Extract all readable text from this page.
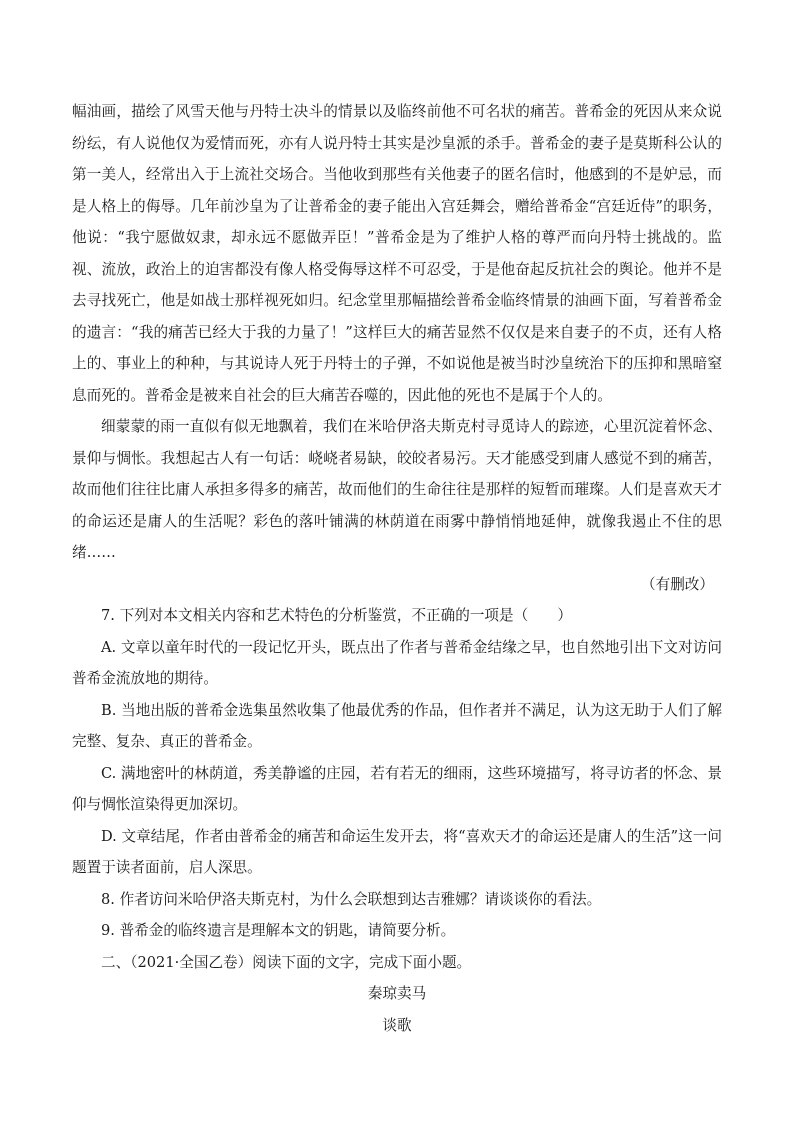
幅油画，描绘了风雪天他与丹特士决斗的情景以及临终前他不可名状的痛苦。普希金的死因从来众说纷纭，有人说他仅为爱情而死，亦有人说丹特士其实是沙皇派的杀手。普希金的妻子是莫斯科公认的第一美人，经常出入于上流社交场合。当他收到那些有关他妻子的匿名信时，他感到的不是妒忌，而是人格上的侮辱。几年前沙皇为了让普希金的妻子能出入宫廷舞会，赠给普希金“宫廷近侍”的职务，他说：“我宁愿做奴隶，却永远不愿做弄臣！”普希金是为了维护人格的尊严而向丹特士挑战的。监视、流放，政治上的迫害都没有像人格受侮辱这样不可忍受，于是他奋起反抗社会的舆论。他并不是去寻找死亡，他是如战士那样视死如归。纪念堂里那幅描绘普希金临终情景的油画下面，写着普希金的遗言：“我的痛苦已经大于我的力量了！”这样巨大的痛苦显然不仅仅是来自妻子的不贞，还有人格上的、事业上的种种，与其说诗人死于丹特士的子弹，不如说他是被当时沙皇统治下的压抑和黑暗窒息而死的。普希金是被来自社会的巨大痛苦吞噬的，因此他的死也不是属于个人的。

细蒙蒙的雨一直似有似无地飘着，我们在米哈伊洛夫斯克村寻觅诗人的踪迹，心里沉淀着怀念、景仰与惆怅。我想起古人有一句话：峣峣者易缺，皎皎者易污。天才能感受到庸人感觉不到的痛苦，故而他们往往比庸人承担多得多的痛苦，故而他们的生命往往是那样的短暂而璀璨。人们是喜欢天才的命运还是庸人的生活呢？彩色的落叶铺满的林荫道在雨雾中静悄悄地延伸，就像我遏止不住的思绪……

（有删改）

7. 下列对本文相关内容和艺术特色的分析鉴赏，不正确的一项是（　　）

A. 文章以童年时代的一段记忆开头，既点出了作者与普希金结缘之早，也自然地引出下文对访问普希金流放地的期待。

B. 当地出版的普希金选集虽然收集了他最优秀的作品，但作者并不满足，认为这无助于人们了解完整、复杂、真正的普希金。

C. 满地密叶的林荫道，秀美静谧的庄园，若有若无的细雨，这些环境描写，将寻访者的怀念、景仰与惆怅渲染得更加深切。

D. 文章结尾，作者由普希金的痛苦和命运生发开去，将“喜欢天才的命运还是庸人的生活”这一问题置于读者面前，启人深思。

8. 作者访问米哈伊洛夫斯克村，为什么会联想到达吉雅娜？请谈谈你的看法。

9. 普希金的临终遗言是理解本文的钥匙，请简要分析。

二、（2021·全国乙卷）阅读下面的文字，完成下面小题。

秦琼卖马

谈歌
